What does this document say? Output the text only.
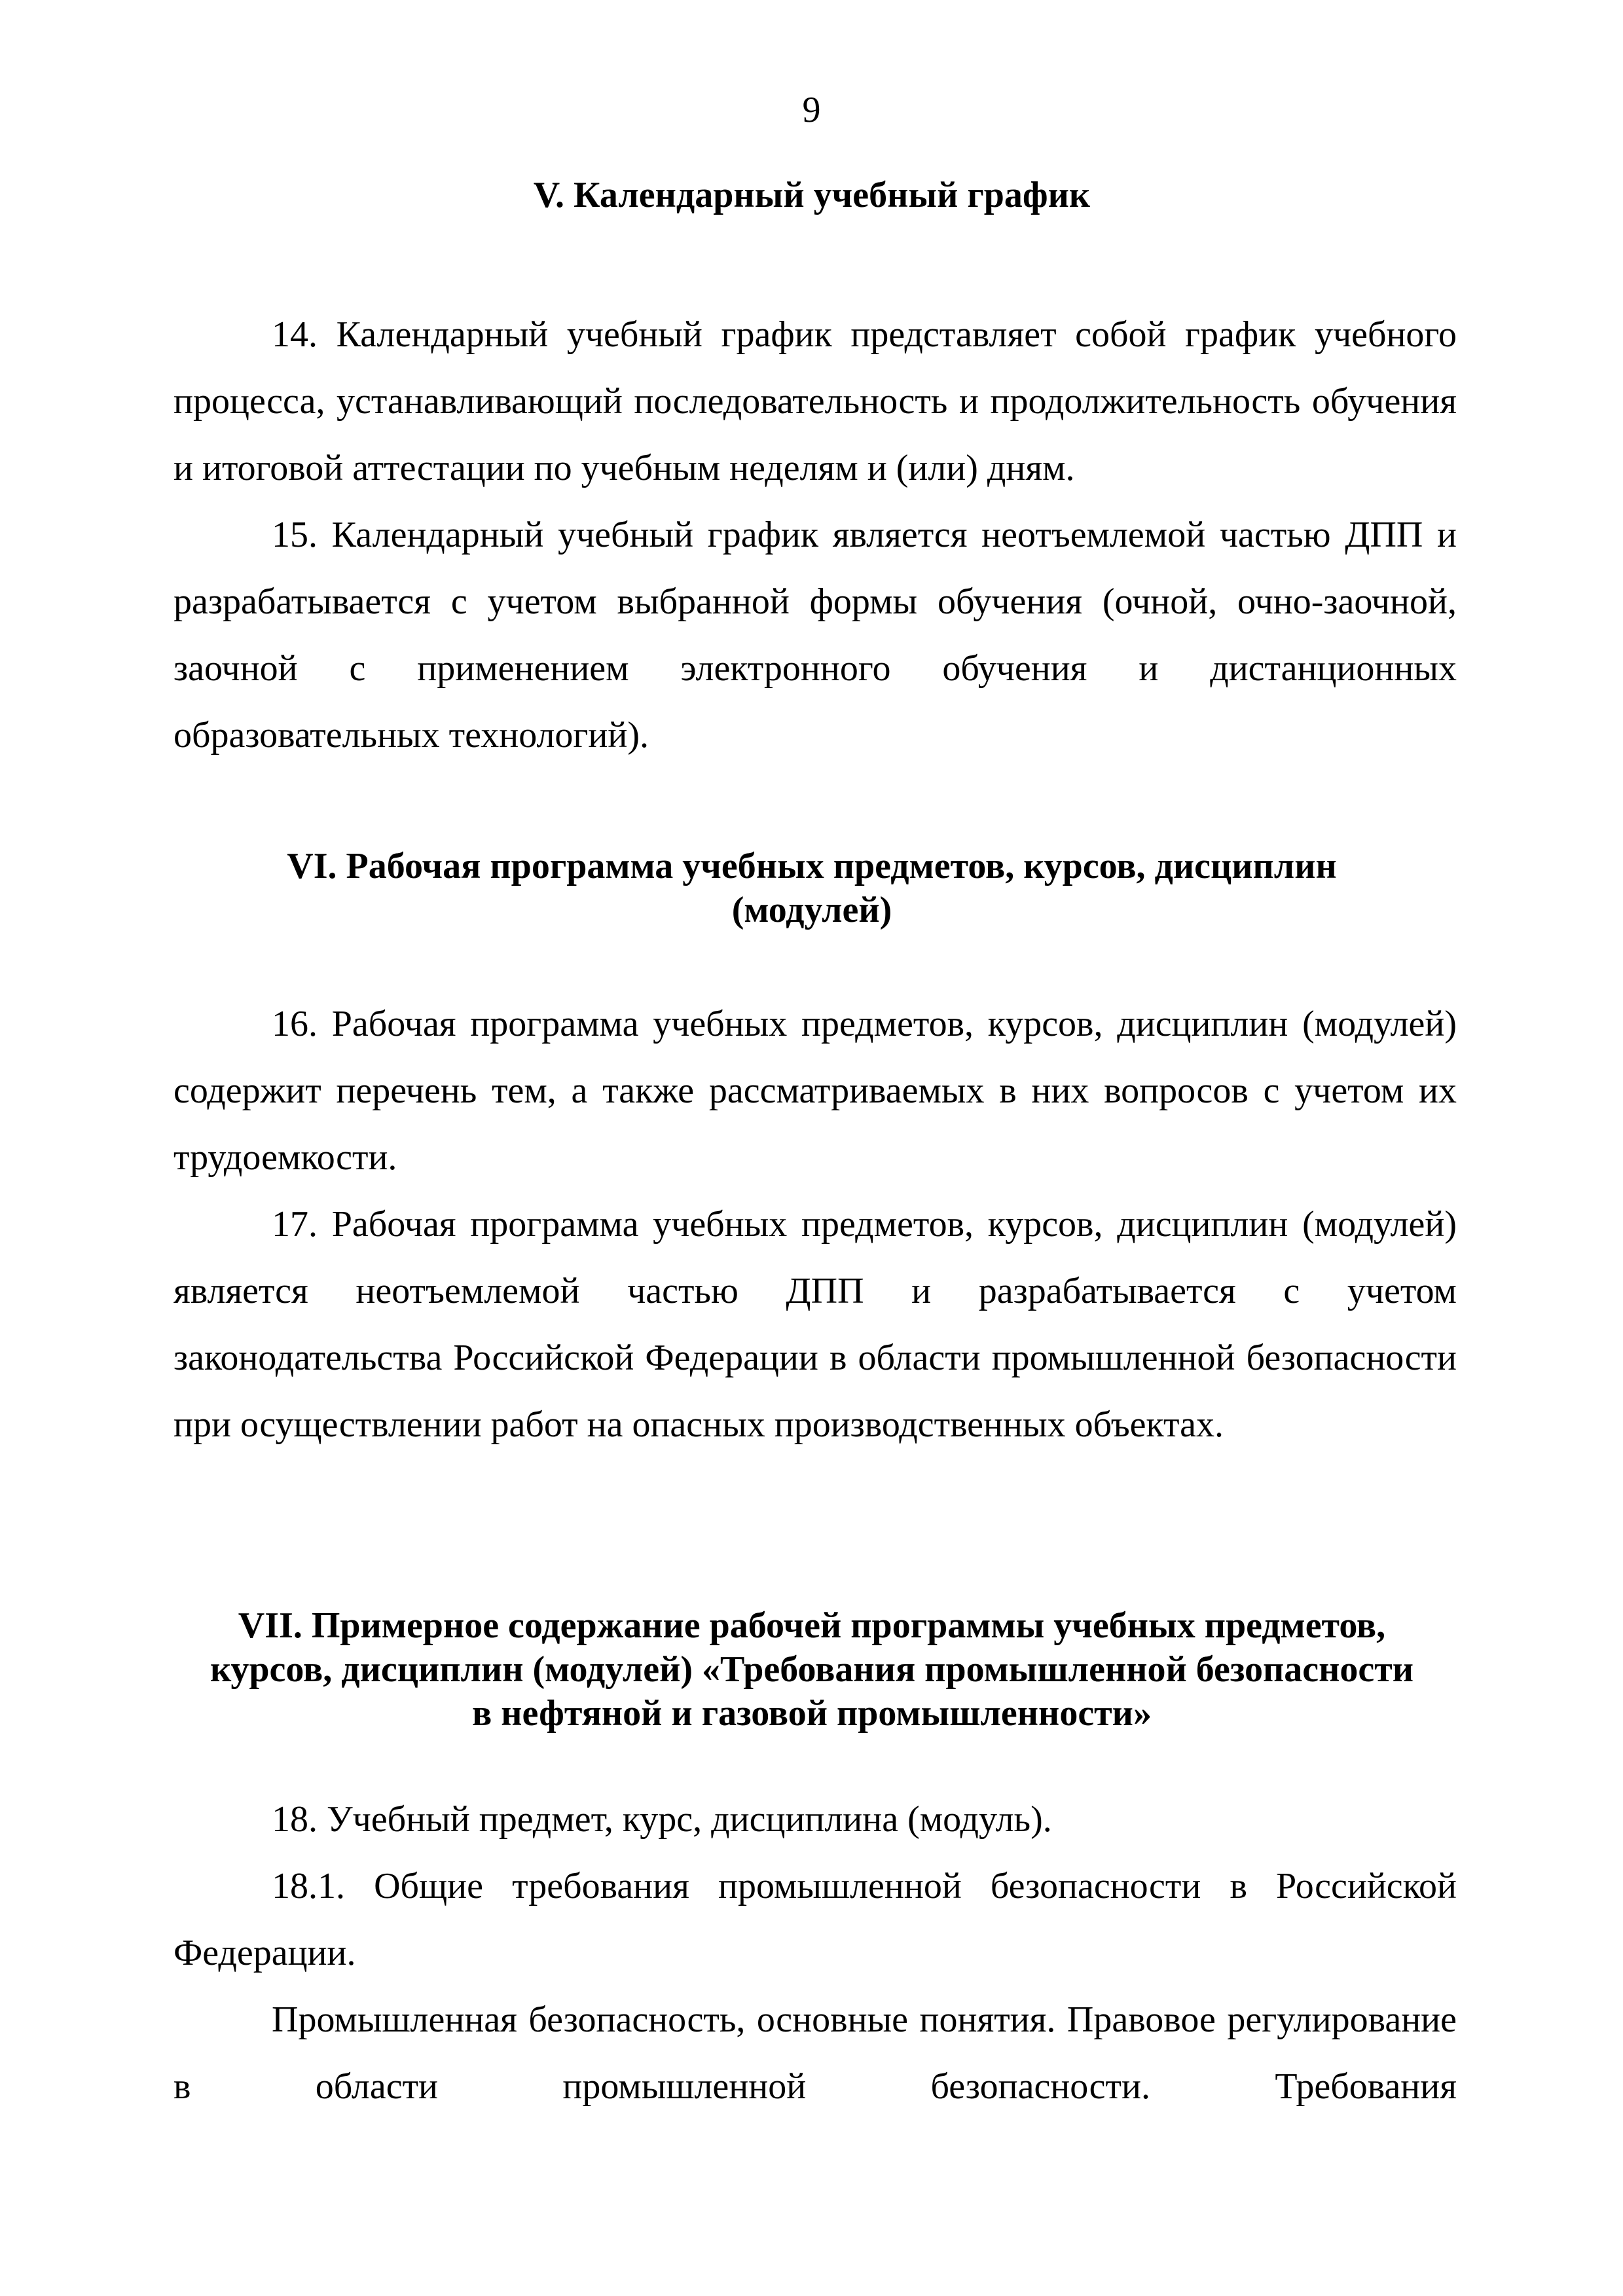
9
V. Календарный учебный график
14. Календарный учебный график представляет собой график учебного процесса, устанавливающий последовательность и продолжительность обучения и итоговой аттестации по учебным неделям и (или) дням.
15. Календарный учебный график является неотъемлемой частью ДПП и разрабатывается с учетом выбранной формы обучения (очной, очно-заочной, заочной с применением электронного обучения и дистанционных образовательных технологий).
VI. Рабочая программа учебных предметов, курсов, дисциплин
(модулей)
16. Рабочая программа учебных предметов, курсов, дисциплин (модулей) содержит перечень тем, а также рассматриваемых в них вопросов с учетом их трудоемкости.
17. Рабочая программа учебных предметов, курсов, дисциплин (модулей) является неотъемлемой частью ДПП и разрабатывается с учетом законодательства Российской Федерации в области промышленной безопасности при осуществлении работ на опасных производственных объектах.
VII. Примерное содержание рабочей программы учебных предметов,
курсов, дисциплин (модулей) «Требования промышленной безопасности
в нефтяной и газовой промышленности»
18. Учебный предмет, курс, дисциплина (модуль).
18.1. Общие требования промышленной безопасности в Российской Федерации.
Промышленная безопасность, основные понятия. Правовое регулирование в области промышленной безопасности. Требования
